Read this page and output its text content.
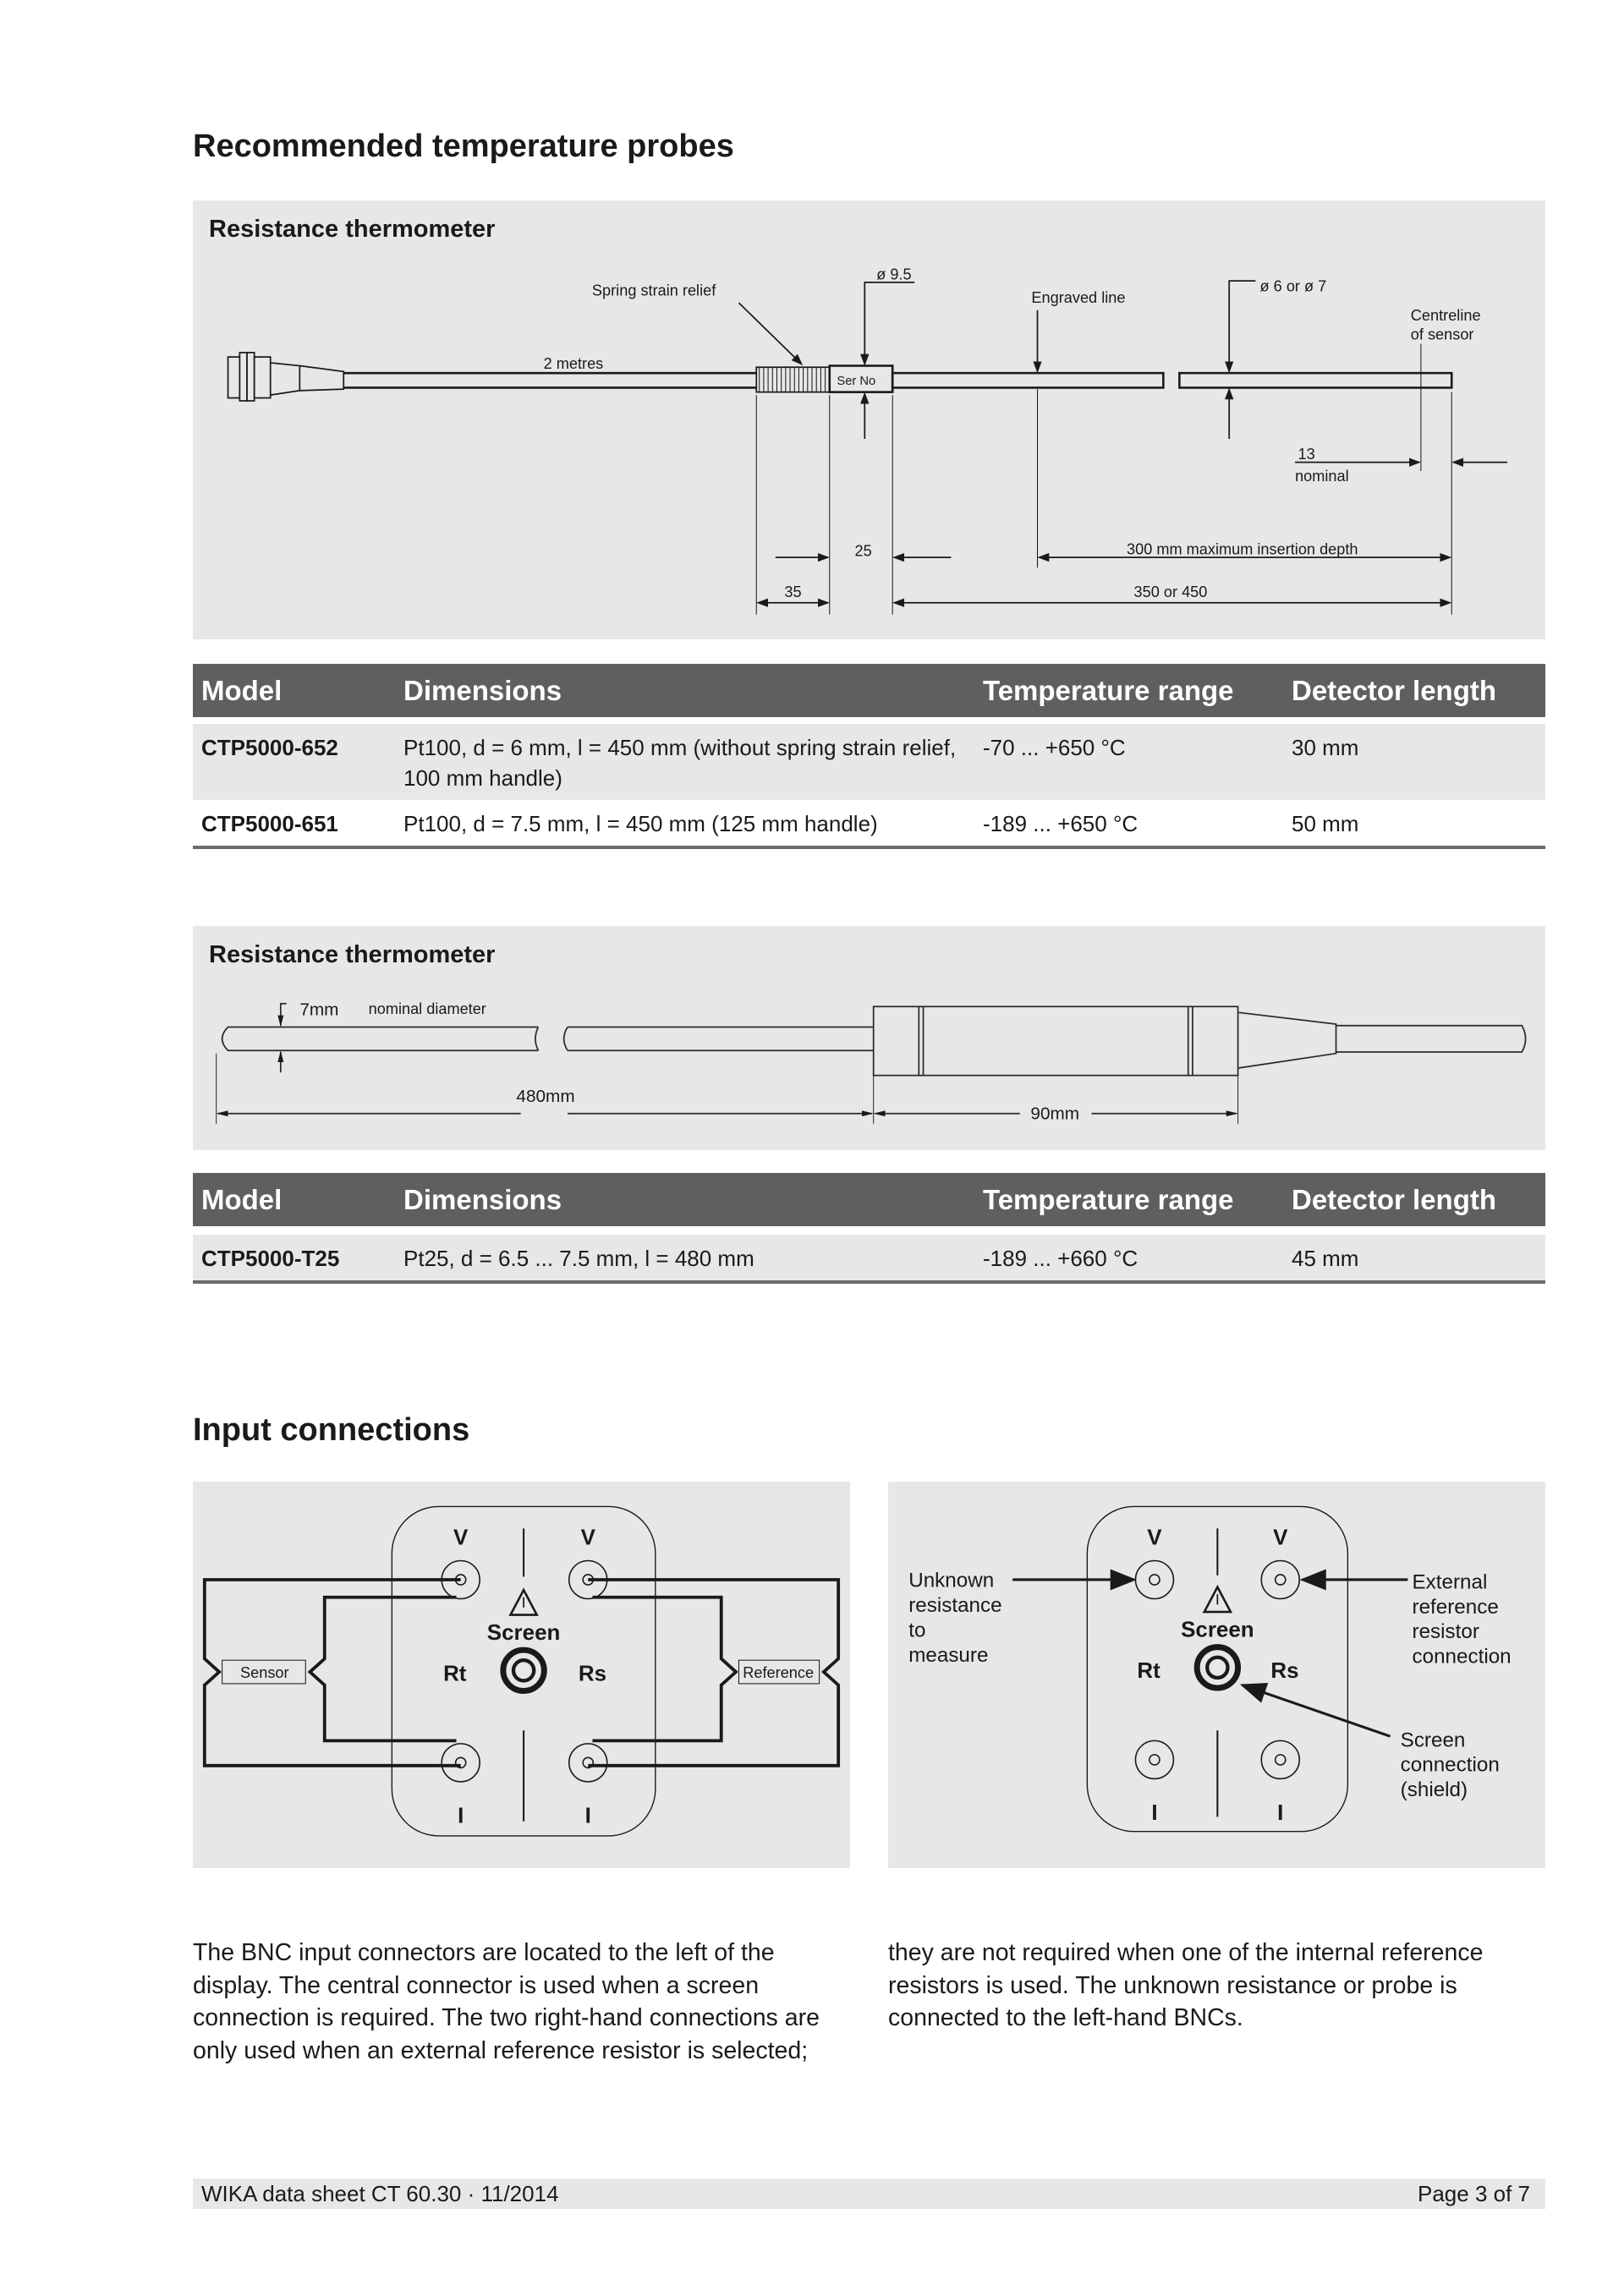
Recommended temperature probes
Spring strain relief
ø 9.5
Engraved line
ø 6 or ø 7
Centreline
of sensor
2 metres
Ser No
13
nominal
25	300 mm maximum insertion depth
35	350 or 450
Resistance thermometer
Model	Dimensions	Temperature range	Detector length

CTP5000-652	Pt100, d = 6 mm, l = 450 mm (without spring strain relief, 100 mm handle)	-70 ... +650 °C	30 mm
CTP5000-651	Pt100, d = 7.5 mm, l = 450 mm (125 mm handle)	-189 ... +650 °C	50 mm
7mm	nominal diameter
480mm
90mm
Resistance thermometer
Model	Dimensions	Temperature range	Detector length

CTP5000-T25	Pt25, d = 6.5 ... 7.5 mm, l = 480 mm	-189 ... +660 °C	45 mm
Input connections
V	V
I	I
Screen
Rt	Rs
Sensor	Reference
V	V
I	I
Screen
Rt	Rs
Unknown
resistance
to
measure
External
reference
resistor
connection
Screen
connection
(shield)

The BNC input connectors are located to the left of the display. The central connector is used when a screen connection is required. The two right-hand connections are only used when an external reference resistor is selected;

they are not required when one of the internal reference resistors is used. The unknown resistance or probe is connected to the left-hand BNCs.

WIKA data sheet CT 60.30 · 11/2014	Page 3 of 7
